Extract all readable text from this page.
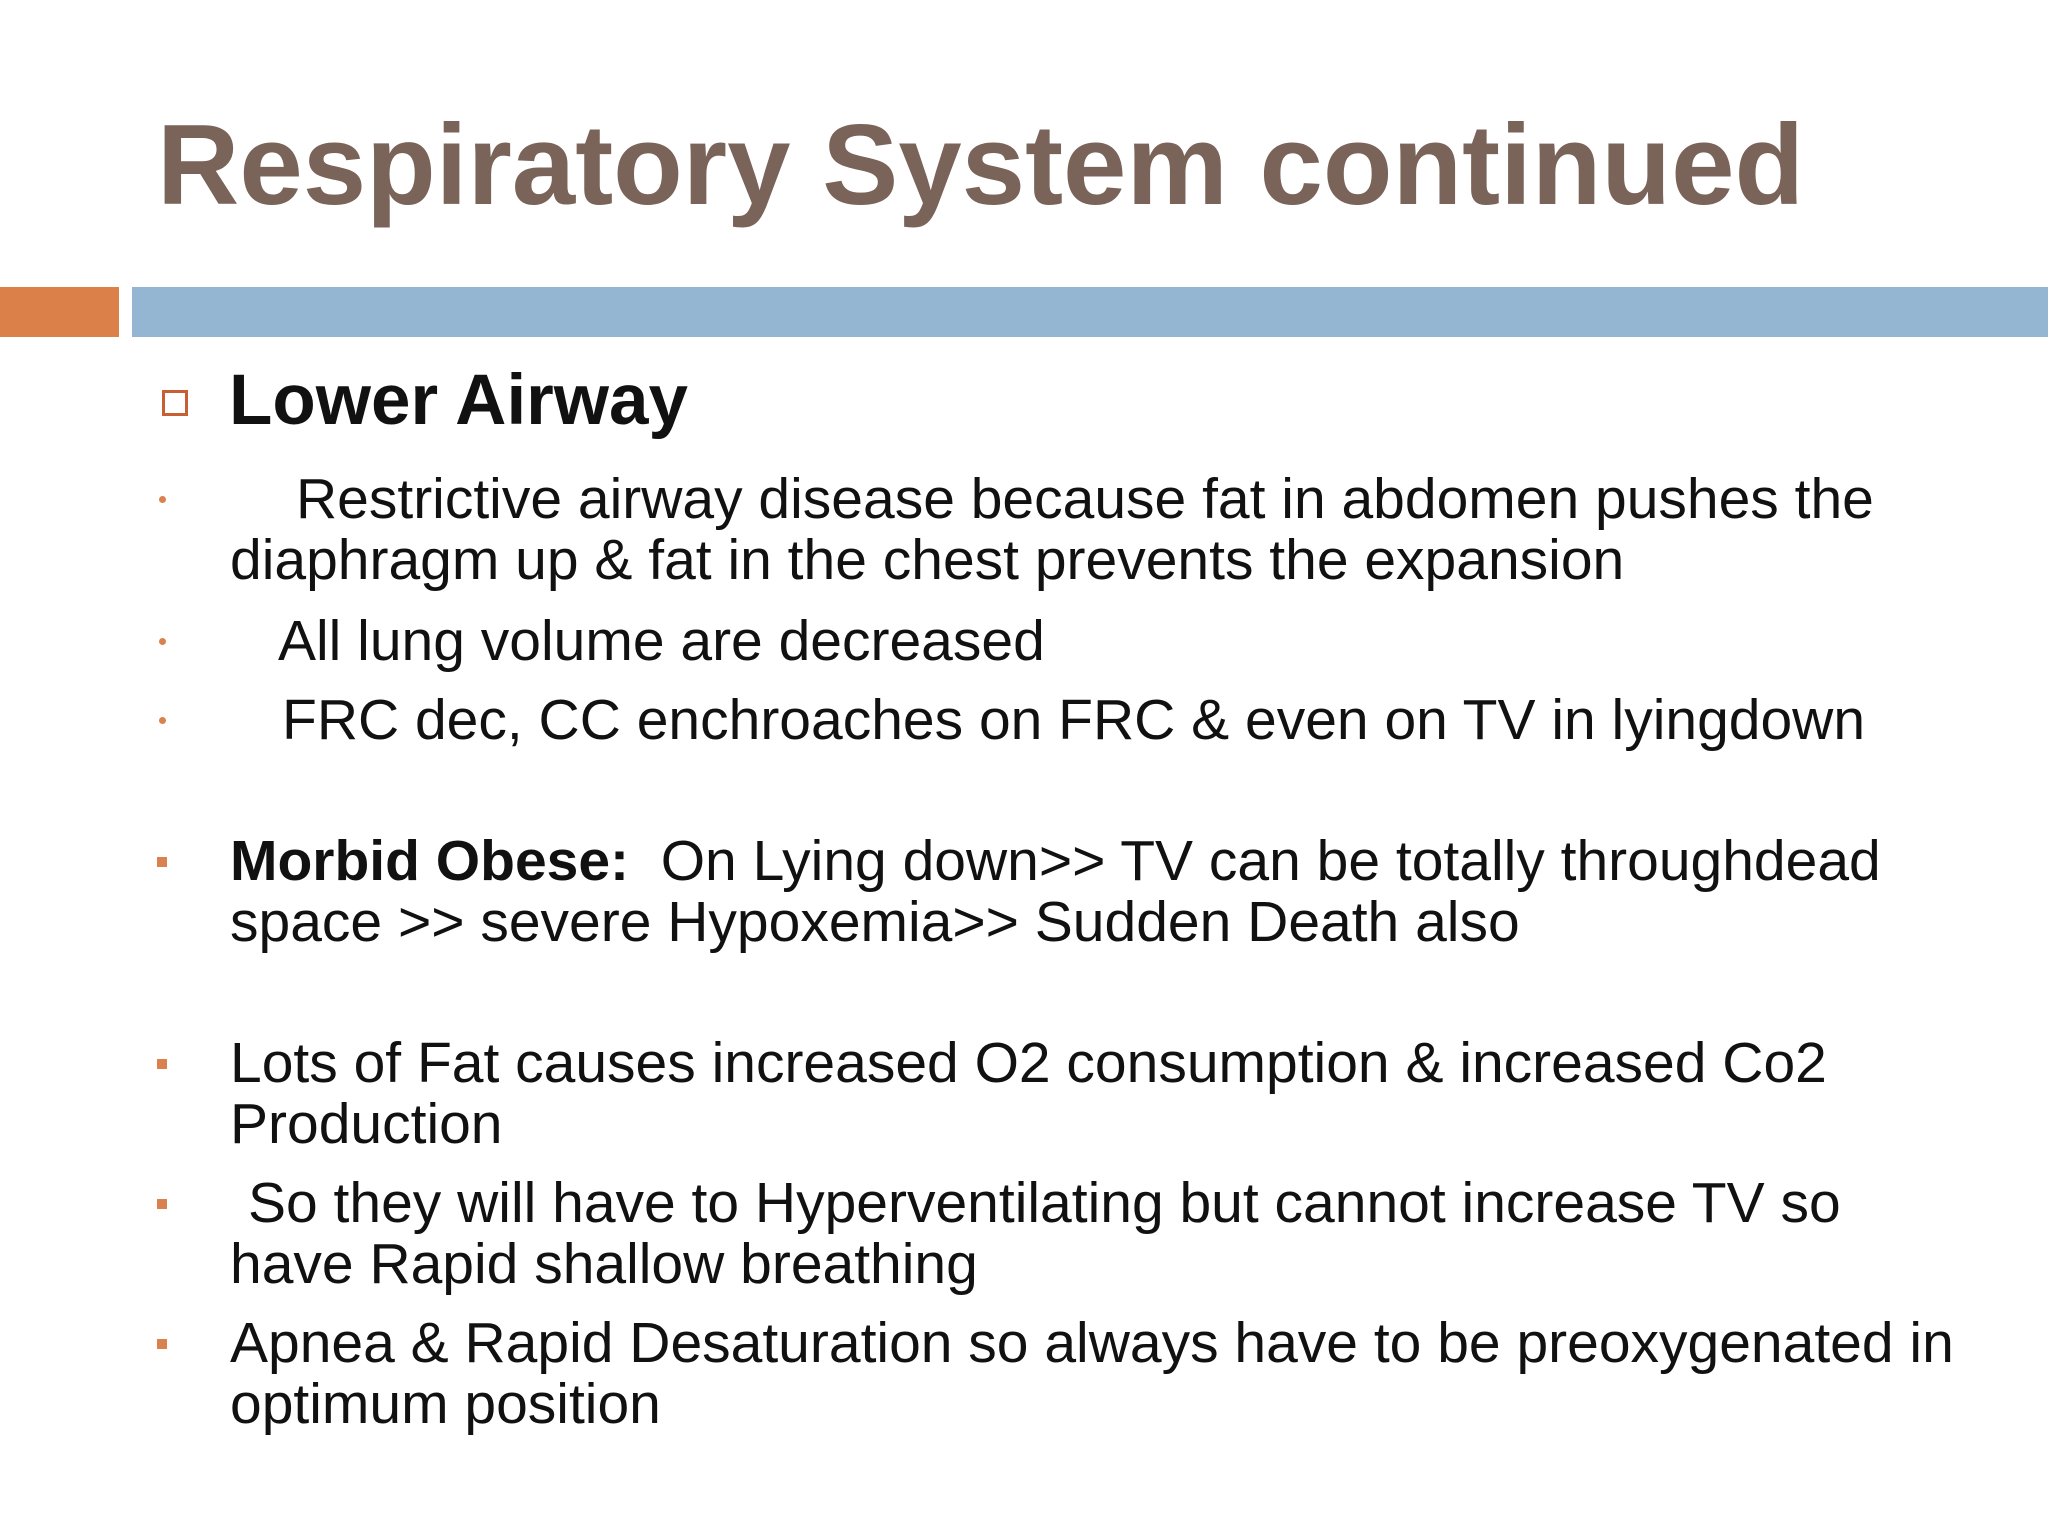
Respiratory System continued
Lower Airway
Restrictive airway disease because fat in abdomen pushes the diaphragm up & fat in the chest prevents the expansion
All lung volume are decreased
FRC dec, CC enchroaches on FRC & even on TV in lyingdown
Morbid Obese: On Lying down>> TV can be totally throughdead space >> severe Hypoxemia>> Sudden Death also
Lots of Fat causes increased O2 consumption & increased Co2 Production
So they will have to Hyperventilating but cannot increase TV so have Rapid shallow breathing
Apnea & Rapid Desaturation so always have to be preoxygenated in optimum position
